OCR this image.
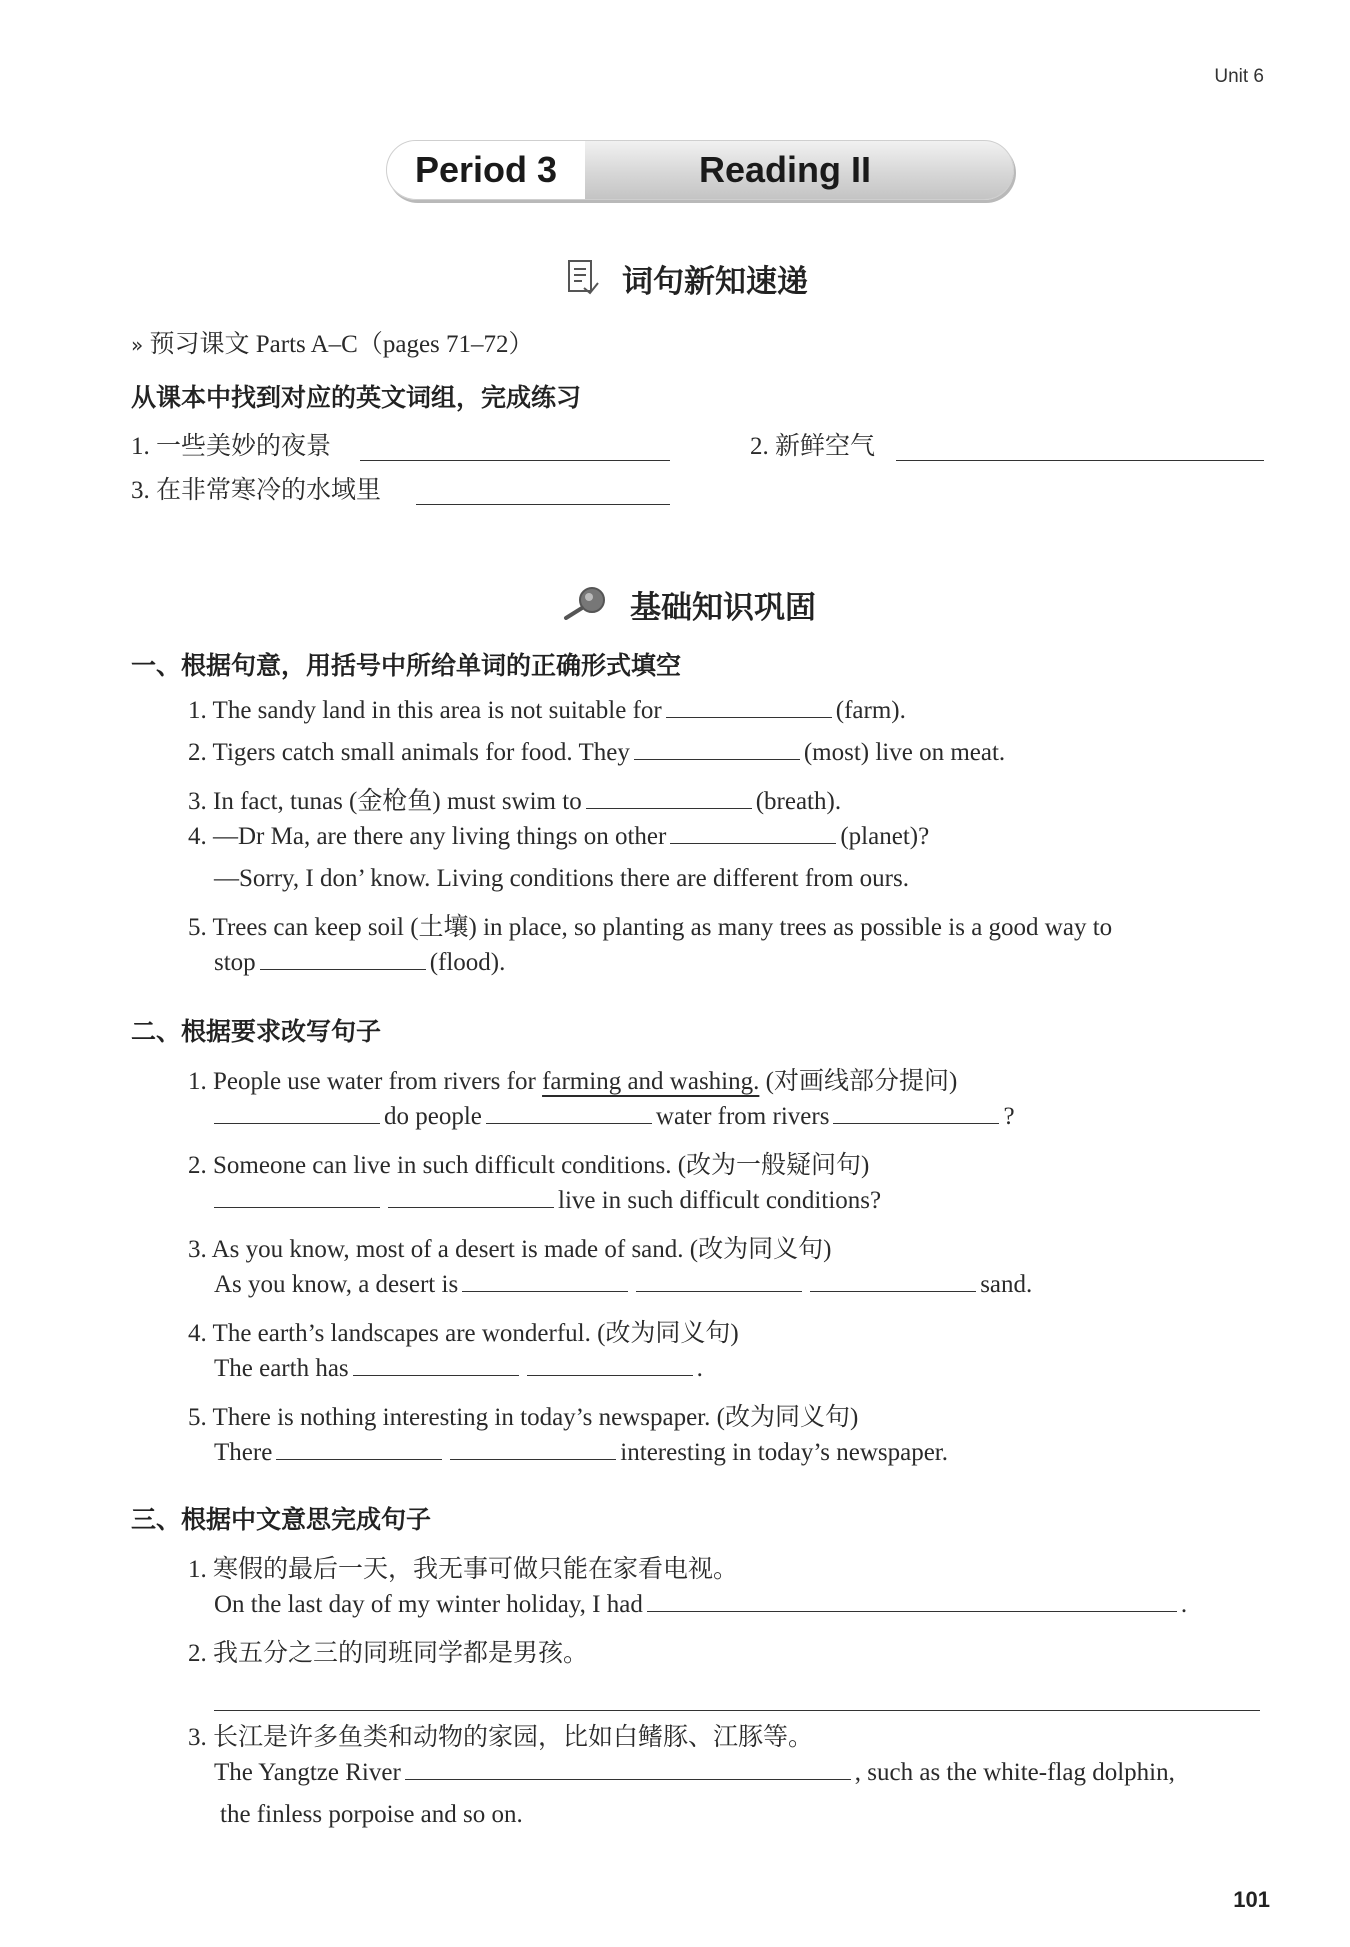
Unit 6
Period 3	Reading II
词句新知速递
» 预习课文 Parts A–C（pages 71–72）
从课本中找到对应的英文词组，完成练习
1. 一些美妙的夜景	2. 新鲜空气
3. 在非常寒冷的水域里
基础知识巩固
一、根据句意，用括号中所给单词的正确形式填空
1. The sandy land in this area is not suitable for	(farm).
2. Tigers catch small animals for food. They	(most) live on meat.
3. In fact, tunas (金枪鱼) must swim to	(breath).
4. —Dr Ma, are there any living things on other	(planet)?
—Sorry, I don’ know. Living conditions there are different from ours.
5. Trees can keep soil (土壤) in place, so planting as many trees as possible is a good way to
stop	(flood).
二、根据要求改写句子
1. People use water from rivers for farming and washing. (对画线部分提问)
do people	water from rivers	?
2. Someone can live in such difficult conditions. (改为一般疑问句)
live in such difficult conditions?
3. As you know, most of a desert is made of sand. (改为同义句)
As you know, a desert is	sand.
4. The earth’s landscapes are wonderful. (改为同义句)
The earth has	.
5. There is nothing interesting in today’s newspaper. (改为同义句)
There	interesting in today’s newspaper.
三、根据中文意思完成句子
1. 寒假的最后一天，我无事可做只能在家看电视。
On the last day of my winter holiday, I had	.
2. 我五分之三的同班同学都是男孩。
3. 长江是许多鱼类和动物的家园，比如白鳍豚、江豚等。
The Yangtze River	, such as the white-flag dolphin,
the finless porpoise and so on.
101
